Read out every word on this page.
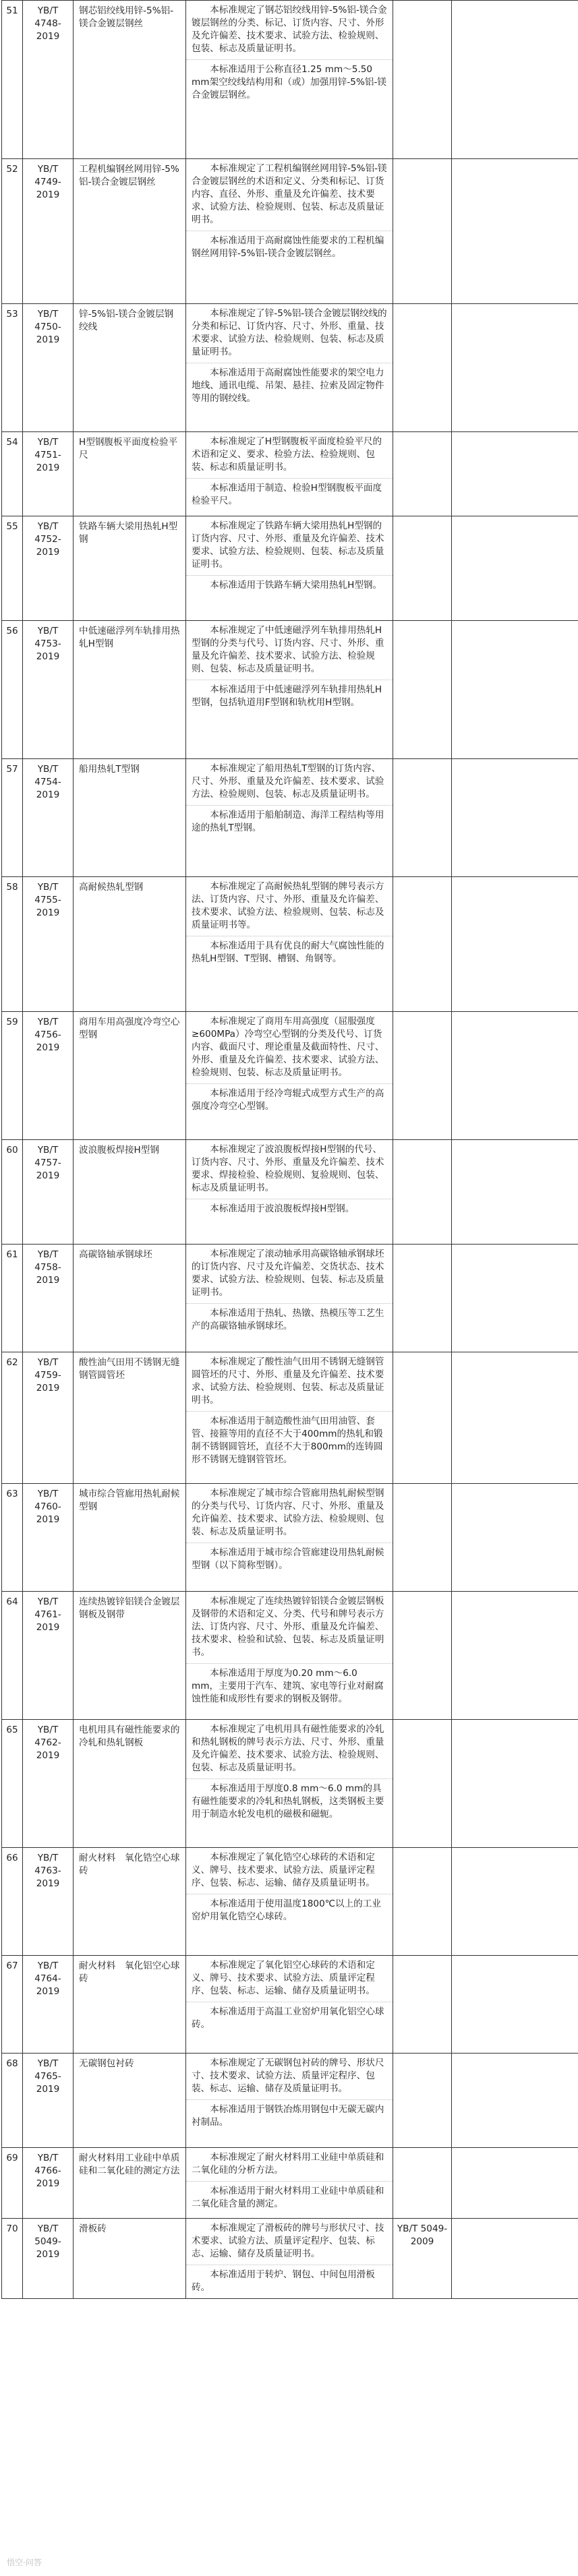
51	YB/T 4748-2019	钢芯铝绞线用锌-5%铝-镁合金镀层钢丝	本标准规定了钢芯铝绞线用锌-5%铝-镁合金镀层钢丝的分类、标记、订货内容、尺寸、外形及允许偏差、技术要求、试验方法、检验规则、包装、标志及质量证明书。
本标准适用于公称直径1.25 mm～5.50 mm架空绞线结构用和（或）加强用锌-5%铝-镁合金镀层钢丝。		

52	YB/T 4749-2019	工程机编钢丝网用锌-5%铝-镁合金镀层钢丝	本标准规定了工程机编钢丝网用锌-5%铝-镁合金镀层钢丝的术语和定义、分类和标记、订货内容、直径、外形、重量及允许偏差、技术要求、试验方法、检验规则、包装、标志及质量证明书。
本标准适用于高耐腐蚀性能要求的工程机编钢丝网用锌-5%铝-镁合金镀层钢丝。		

53	YB/T 4750-2019	锌-5%铝-镁合金镀层钢绞线	本标准规定了锌-5%铝-镁合金镀层钢绞线的分类和标记、订货内容、尺寸、外形、重量、技术要求、试验方法、检验规则、包装、标志及质量证明书。
本标准适用于高耐腐蚀性能要求的架空电力地线、通讯电缆、吊架、悬挂、拉索及固定物件等用的钢绞线。		

54	YB/T 4751-2019	H型钢腹板平面度检验平尺	本标准规定了H型钢腹板平面度检验平尺的术语和定义、要求、检验方法、检验规则、包装、标志和质量证明书。
本标准适用于制造、检验H型钢腹板平面度检验平尺。		

55	YB/T 4752-2019	铁路车辆大梁用热轧H型钢	本标准规定了铁路车辆大梁用热轧H型钢的订货内容、尺寸、外形、重量及允许偏差、技术要求、试验方法、检验规则、包装、标志及质量证明书。
本标准适用于铁路车辆大梁用热轧H型钢。		

56	YB/T 4753-2019	中低速磁浮列车轨排用热轧H型钢	本标准规定了中低速磁浮列车轨排用热轧H型钢的分类与代号、订货内容、尺寸、外形、重量及允许偏差、技术要求、试验方法、检验规则、包装、标志及质量证明书。
本标准适用于中低速磁浮列车轨排用热轧H型钢，包括轨道用F型钢和轨枕用H型钢。		

57	YB/T 4754-2019	船用热轧T型钢	本标准规定了船用热轧T型钢的订货内容、尺寸、外形、重量及允许偏差、技术要求、试验方法、检验规则、包装、标志及质量证明书。
本标准适用于船舶制造、海洋工程结构等用途的热轧T型钢。		

58	YB/T 4755-2019	高耐候热轧型钢	本标准规定了高耐候热轧型钢的牌号表示方法、订货内容、尺寸、外形、重量及允许偏差、技术要求、试验方法、检验规则、包装、标志及质量证明书等。
本标准适用于具有优良的耐大气腐蚀性能的热轧H型钢、T型钢、槽钢、角钢等。		

59	YB/T 4756-2019	商用车用高强度冷弯空心型钢	本标准规定了商用车用高强度（屈服强度≥600MPa）冷弯空心型钢的分类及代号、订货内容、截面尺寸、理论重量及截面特性、尺寸、外形、重量及允许偏差、技术要求、试验方法、检验规则、包装、标志及质量证明书。
本标准适用于经冷弯辊式成型方式生产的高强度冷弯空心型钢。		

60	YB/T 4757-2019	波浪腹板焊接H型钢	本标准规定了波浪腹板焊接H型钢的代号、订货内容、尺寸、外形、重量及允许偏差、技术要求、焊接检验、检验规则、复验规则、包装、标志及质量证明书。
本标准适用于波浪腹板焊接H型钢。		

61	YB/T 4758-2019	高碳铬轴承钢球坯	本标准规定了滚动轴承用高碳铬轴承钢球坯的订货内容、尺寸及允许偏差、交货状态、技术要求、试验方法、检验规则、包装、标志及质量证明书。
本标准适用于热轧、热镦、热模压等工艺生产的高碳铬轴承钢球坯。		

62	YB/T 4759-2019	酸性油气田用不锈钢无缝钢管圆管坯	本标准规定了酸性油气田用不锈钢无缝钢管圆管坯的尺寸、外形、重量及允许偏差、技术要求、试验方法、检验规则、包装、标志及质量证明书。
本标准适用于制造酸性油气田用油管、套管、接箍等用的直径不大于400mm的热轧和锻制不锈钢圆管坯，直径不大于800mm的连铸圆形不锈钢无缝钢管管坯。		

63	YB/T 4760-2019	城市综合管廊用热轧耐候型钢	本标准规定了城市综合管廊用热轧耐候型钢的分类与代号、订货内容、尺寸、外形、重量及允许偏差、技术要求、试验方法、检验规则、包装、标志及质量证明书。
本标准适用于城市综合管廊建设用热轧耐候型钢（以下简称型钢）。		

64	YB/T 4761-2019	连续热镀锌铝镁合金镀层钢板及钢带	本标准规定了连续热镀锌铝镁合金镀层钢板及钢带的术语和定义、分类、代号和牌号表示方法、订货内容、尺寸、外形、重量及允许偏差、技术要求、检验和试验、包装、标志及质量证明书。
本标准适用于厚度为0.20 mm～6.0 mm，主要用于汽车、建筑、家电等行业对耐腐蚀性能和成形性有要求的钢板及钢带。		

65	YB/T 4762-2019	电机用具有磁性能要求的冷轧和热轧钢板	本标准规定了电机用具有磁性能要求的冷轧和热轧钢板的牌号表示方法、尺寸、外形、重量及允许偏差、技术要求、试验方法、检验规则、包装、标志及质量证明书。
本标准适用于厚度0.8 mm～6.0 mm的具有磁性能要求的冷轧和热轧钢板，这类钢板主要用于制造水轮发电机的磁极和磁轭。		

66	YB/T 4763-2019	耐火材料　氧化锆空心球砖	本标准规定了氧化锆空心球砖的术语和定义、牌号、技术要求、试验方法、质量评定程序、包装、标志、运输、储存及质量证明书。
本标准适用于使用温度1800℃以上的工业窑炉用氧化锆空心球砖。		

67	YB/T 4764-2019	耐火材料　氧化铝空心球砖	本标准规定了氧化铝空心球砖的术语和定义、牌号、技术要求、试验方法、质量评定程序、包装、标志、运输、储存及质量证明书。
本标准适用于高温工业窑炉用氧化铝空心球砖。		

68	YB/T 4765-2019	无碳钢包衬砖	本标准规定了无碳钢包衬砖的牌号、形状尺寸、技术要求、试验方法、质量评定程序、包装、标志、运输、储存及质量证明书。
本标准适用于钢铁冶炼用钢包中无碳无碳内衬制品。		

69	YB/T 4766-2019	耐火材料用工业硅中单质硅和二氧化硅的测定方法	本标准规定了耐火材料用工业硅中单质硅和二氧化硅的分析方法。
本标准适用于耐火材料用工业硅中单质硅和二氧化硅含量的测定。		

70	YB/T 5049-2019	滑板砖	本标准规定了滑板砖的牌号与形状尺寸、技术要求、试验方法、质量评定程序、包装、标志、运输、储存及质量证明书。
本标准适用于转炉、钢包、中间包用滑板砖。	YB/T 5049-2009	
悟空·问答
